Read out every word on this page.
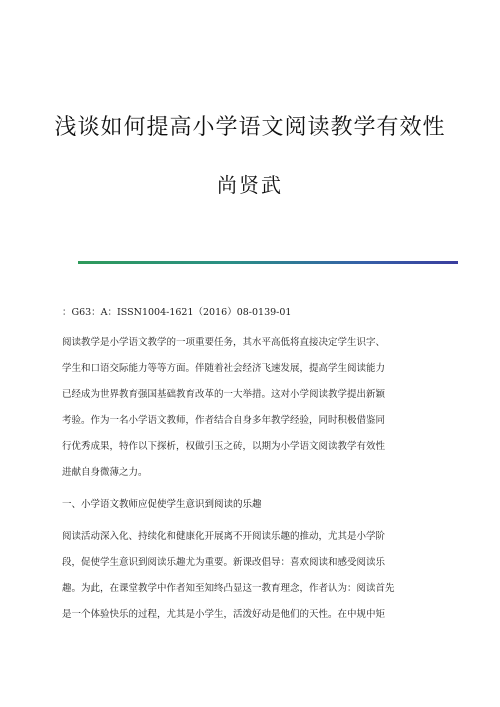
浅谈如何提高小学语文阅读教学有效性
尚贤武
：G63：A：ISSN1004-1621（2016）08-0139-01
阅读教学是小学语文教学的一项重要任务，其水平高低将直接决定学生识字、
学生和口语交际能力等等方面。伴随着社会经济飞速发展，提高学生阅读能力
已经成为世界教育强国基础教育改革的一大举措。这对小学阅读教学提出新颖
考验。作为一名小学语文教师，作者结合自身多年教学经验，同时积极借鉴同
行优秀成果，特作以下探析，权做引玉之砖，以期为小学语文阅读教学有效性
进献自身微薄之力。
一、小学语文教师应促使学生意识到阅读的乐趣
阅读活动深入化、持续化和健康化开展离不开阅读乐趣的推动，尤其是小学阶
段，促使学生意识到阅读乐趣尤为重要。新课改倡导：喜欢阅读和感受阅读乐
趣。为此，在课堂教学中作者知至知终凸显这一教育理念，作者认为：阅读首先
是一个体验快乐的过程，尤其是小学生，活泼好动是他们的天性。在中规中矩
